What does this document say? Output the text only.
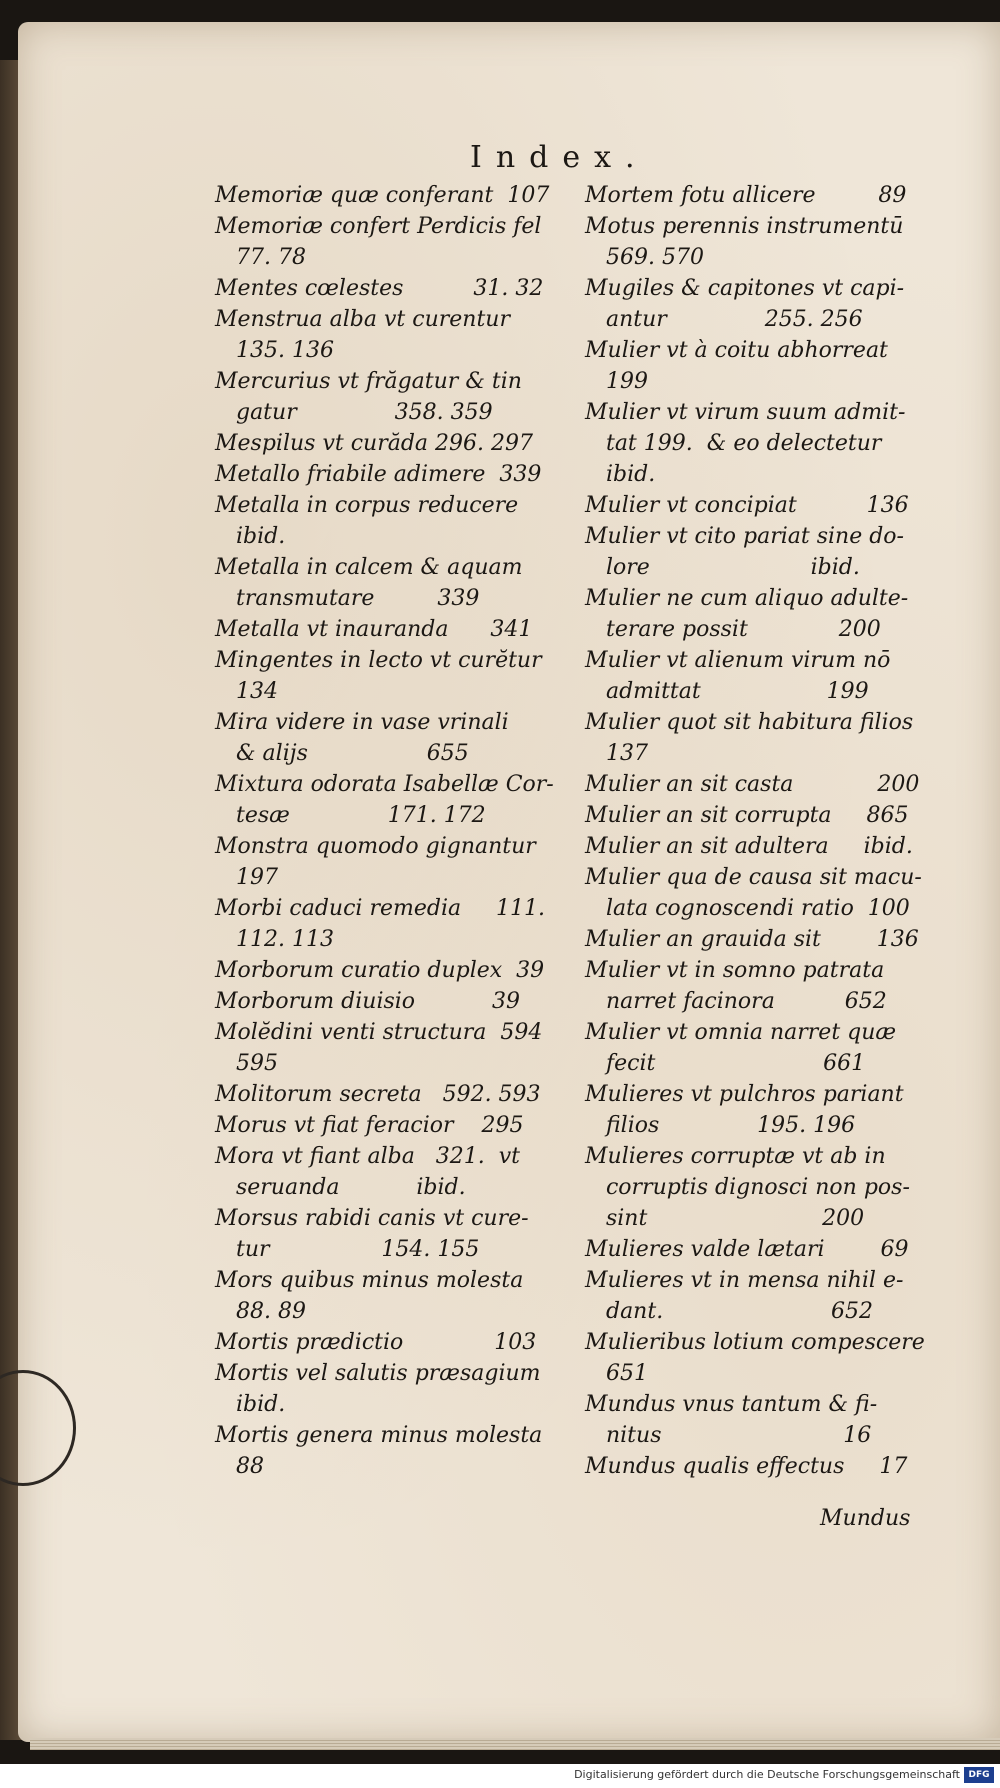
Index.
Memoriæ quæ conferant  107
Memoriæ confert Perdicis fel
77. 78
Mentes cœlestes          31. 32
Menstrua alba vt curentur
135. 136
Mercurius vt frăgatur & tin
gatur              358. 359
Mespilus vt curăda 296. 297
Metallo friabile adimere  339
Metalla in corpus reducere
ibid.
Metalla in calcem & aquam
transmutare         339
Metalla vt inauranda      341
Mingentes in lecto vt curĕtur
134
Mira videre in vase vrinali
& alijs                 655
Mixtura odorata Isabellæ Cor-
tesæ              171. 172
Monstra quomodo gignantur
197
Morbi caduci remedia     111.
112. 113
Morborum curatio duplex  39
Morborum diuisio           39
Molĕdini venti structura  594
595
Molitorum secreta   592. 593
Morus vt fiat feracior    295
Mora vt fiant alba   321.  vt
seruanda           ibid.
Morsus rabidi canis vt cure-
tur                154. 155
Mors quibus minus molesta
88. 89
Mortis prædictio             103
Mortis vel salutis præsagium
ibid.
Mortis genera minus molesta
88
Mortem fotu allicere         89
Motus perennis instrumentū
569. 570
Mugiles & capitones vt capi-
antur              255. 256
Mulier vt à coitu abhorreat
199
Mulier vt virum suum admit-
tat 199.  & eo delectetur
ibid.
Mulier vt concipiat          136
Mulier vt cito pariat sine do-
lore                       ibid.
Mulier ne cum aliquo adulte-
terare possit             200
Mulier vt alienum virum nō
admittat                  199
Mulier quot sit habitura filios
137
Mulier an sit casta            200
Mulier an sit corrupta     865
Mulier an sit adultera     ibid.
Mulier qua de causa sit macu-
lata cognoscendi ratio  100
Mulier an grauida sit        136
Mulier vt in somno patrata
narret facinora          652
Mulier vt omnia narret quæ
fecit                        661
Mulieres vt pulchros pariant
filios              195. 196
Mulieres corruptæ vt ab in
corruptis dignosci non pos-
sint                         200
Mulieres valde lætari        69
Mulieres vt in mensa nihil e-
dant.                        652
Mulieribus lotium compescere
651
Mundus vnus tantum & fi-
nitus                          16
Mundus qualis effectus     17
Mundus
Digitalisierung gefördert durch die Deutsche Forschungsgemeinschaft DFG
